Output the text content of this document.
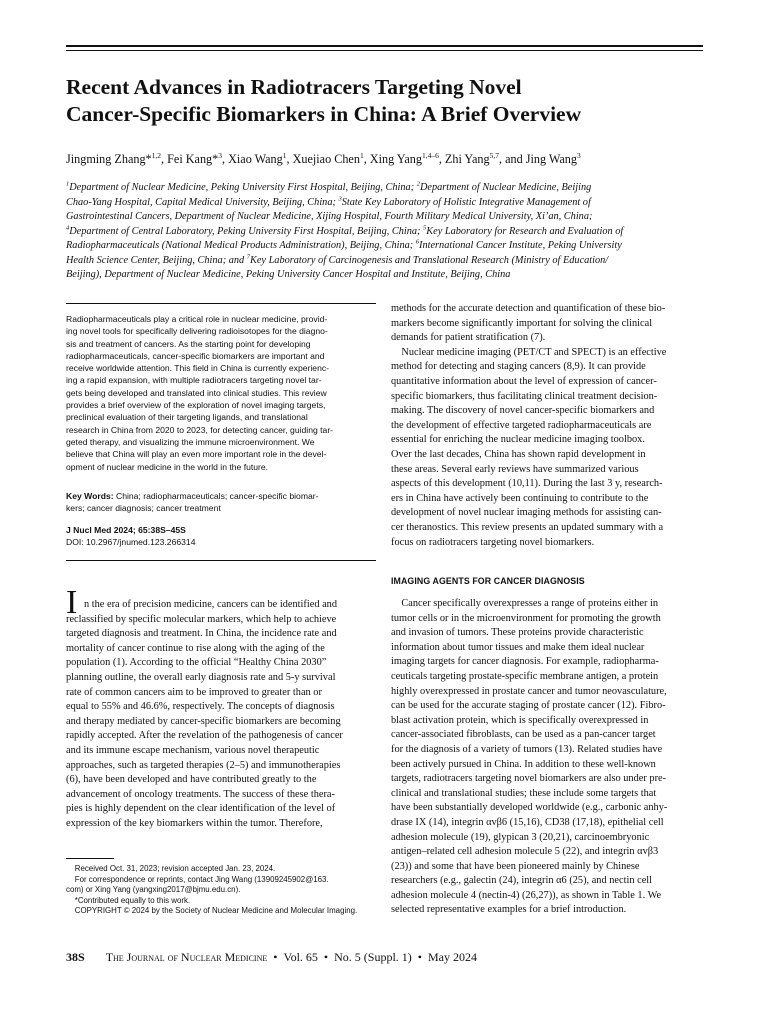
Recent Advances in Radiotracers Targeting Novel
Cancer-Specific Biomarkers in China: A Brief Overview
Jingming Zhang*$^{1,2}$, Fei Kang*$^3$, Xiao Wang$^1$, Xuejiao Chen$^1$, Xing Yang$^{1,4-6}$, Zhi Yang$^{5,7}$, and Jing Wang$^3$
$^1$Department of Nuclear Medicine, Peking University First Hospital, Beijing, China; $^2$Department of Nuclear Medicine, Beijing
Chao-Yang Hospital, Capital Medical University, Beijing, China; $^3$State Key Laboratory of Holistic Integrative Management of
Gastrointestinal Cancers, Department of Nuclear Medicine, Xijing Hospital, Fourth Military Medical University, Xi’an, China;
$^4$Department of Central Laboratory, Peking University First Hospital, Beijing, China; $^5$Key Laboratory for Research and Evaluation of
Radiopharmaceuticals (National Medical Products Administration), Beijing, China; $^6$International Cancer Institute, Peking University
Health Science Center, Beijing, China; and $^7$Key Laboratory of Carcinogenesis and Translational Research (Ministry of Education/
Beijing), Department of Nuclear Medicine, Peking University Cancer Hospital and Institute, Beijing, China
Radiopharmaceuticals play a critical role in nuclear medicine, provid-
ing novel tools for specifically delivering radioisotopes for the diagno-
sis and treatment of cancers. As the starting point for developing
radiopharmaceuticals, cancer-specific biomarkers are important and
receive worldwide attention. This field in China is currently experienc-
ing a rapid expansion, with multiple radiotracers targeting novel tar-
gets being developed and translated into clinical studies. This review
provides a brief overview of the exploration of novel imaging targets,
preclinical evaluation of their targeting ligands, and translational
research in China from 2020 to 2023, for detecting cancer, guiding tar-
geted therapy, and visualizing the immune microenvironment. We
believe that China will play an even more important role in the devel-
opment of nuclear medicine in the world in the future.
Key Words: China; radiopharmaceuticals; cancer-specific biomar-
kers; cancer diagnosis; cancer treatment
J Nucl Med 2024; 65:38S–45S
DOI: 10.2967/jnumed.123.266314
methods for the accurate detection and quantification of these bio-
markers become significantly important for solving the clinical
demands for patient stratification (7).
Nuclear medicine imaging (PET/CT and SPECT) is an effective
method for detecting and staging cancers (8,9). It can provide
quantitative information about the level of expression of cancer-
specific biomarkers, thus facilitating clinical treatment decision-
making. The discovery of novel cancer-specific biomarkers and
the development of effective targeted radiopharmaceuticals are
essential for enriching the nuclear medicine imaging toolbox.
Over the last decades, China has shown rapid development in
these areas. Several early reviews have summarized various
aspects of this development (10,11). During the last 3 y, research-
ers in China have actively been continuing to contribute to the
development of novel nuclear imaging methods for assisting can-
cer theranostics. This review presents an updated summary with a
focus on radiotracers targeting novel biomarkers.
IMAGING AGENTS FOR CANCER DIAGNOSIS
Cancer specifically overexpresses a range of proteins either in
tumor cells or in the microenvironment for promoting the growth
and invasion of tumors. These proteins provide characteristic
information about tumor tissues and make them ideal nuclear
imaging targets for cancer diagnosis. For example, radiopharma-
ceuticals targeting prostate-specific membrane antigen, a protein
highly overexpressed in prostate cancer and tumor neovasculature,
can be used for the accurate staging of prostate cancer (12). Fibro-
blast activation protein, which is specifically overexpressed in
cancer-associated fibroblasts, can be used as a pan-cancer target
for the diagnosis of a variety of tumors (13). Related studies have
been actively pursued in China. In addition to these well-known
targets, radiotracers targeting novel biomarkers are also under pre-
clinical and translational studies; these include some targets that
have been substantially developed worldwide (e.g., carbonic anhy-
drase IX (14), integrin αvβ6 (15,16), CD38 (17,18), epithelial cell
adhesion molecule (19), glypican 3 (20,21), carcinoembryonic
antigen–related cell adhesion molecule 5 (22), and integrin αvβ3
(23)) and some that have been pioneered mainly by Chinese
researchers (e.g., galectin (24), integrin α6 (25), and nectin cell
adhesion molecule 4 (nectin-4) (26,27)), as shown in Table 1. We
selected representative examples for a brief introduction.
I n the era of precision medicine, cancers can be identified and
reclassified by specific molecular markers, which help to achieve
targeted diagnosis and treatment. In China, the incidence rate and
mortality of cancer continue to rise along with the aging of the
population (1). According to the official “Healthy China 2030”
planning outline, the overall early diagnosis rate and 5-y survival
rate of common cancers aim to be improved to greater than or
equal to 55% and 46.6%, respectively. The concepts of diagnosis
and therapy mediated by cancer-specific biomarkers are becoming
rapidly accepted. After the revelation of the pathogenesis of cancer
and its immune escape mechanism, various novel therapeutic
approaches, such as targeted therapies (2–5) and immunotherapies
(6), have been developed and have contributed greatly to the
advancement of oncology treatments. The success of these thera-
pies is highly dependent on the clear identification of the level of
expression of the key biomarkers within the tumor. Therefore,
Received Oct. 31, 2023; revision accepted Jan. 23, 2024.
For correspondence or reprints, contact Jing Wang (13909245902@163.
com) or Xing Yang (yangxing2017@bjmu.edu.cn).
*Contributed equally to this work.
COPYRIGHT © 2024 by the Society of Nuclear Medicine and Molecular Imaging.
38S The Journal of Nuclear Medicine • Vol. 65 • No. 5 (Suppl. 1) • May 2024
